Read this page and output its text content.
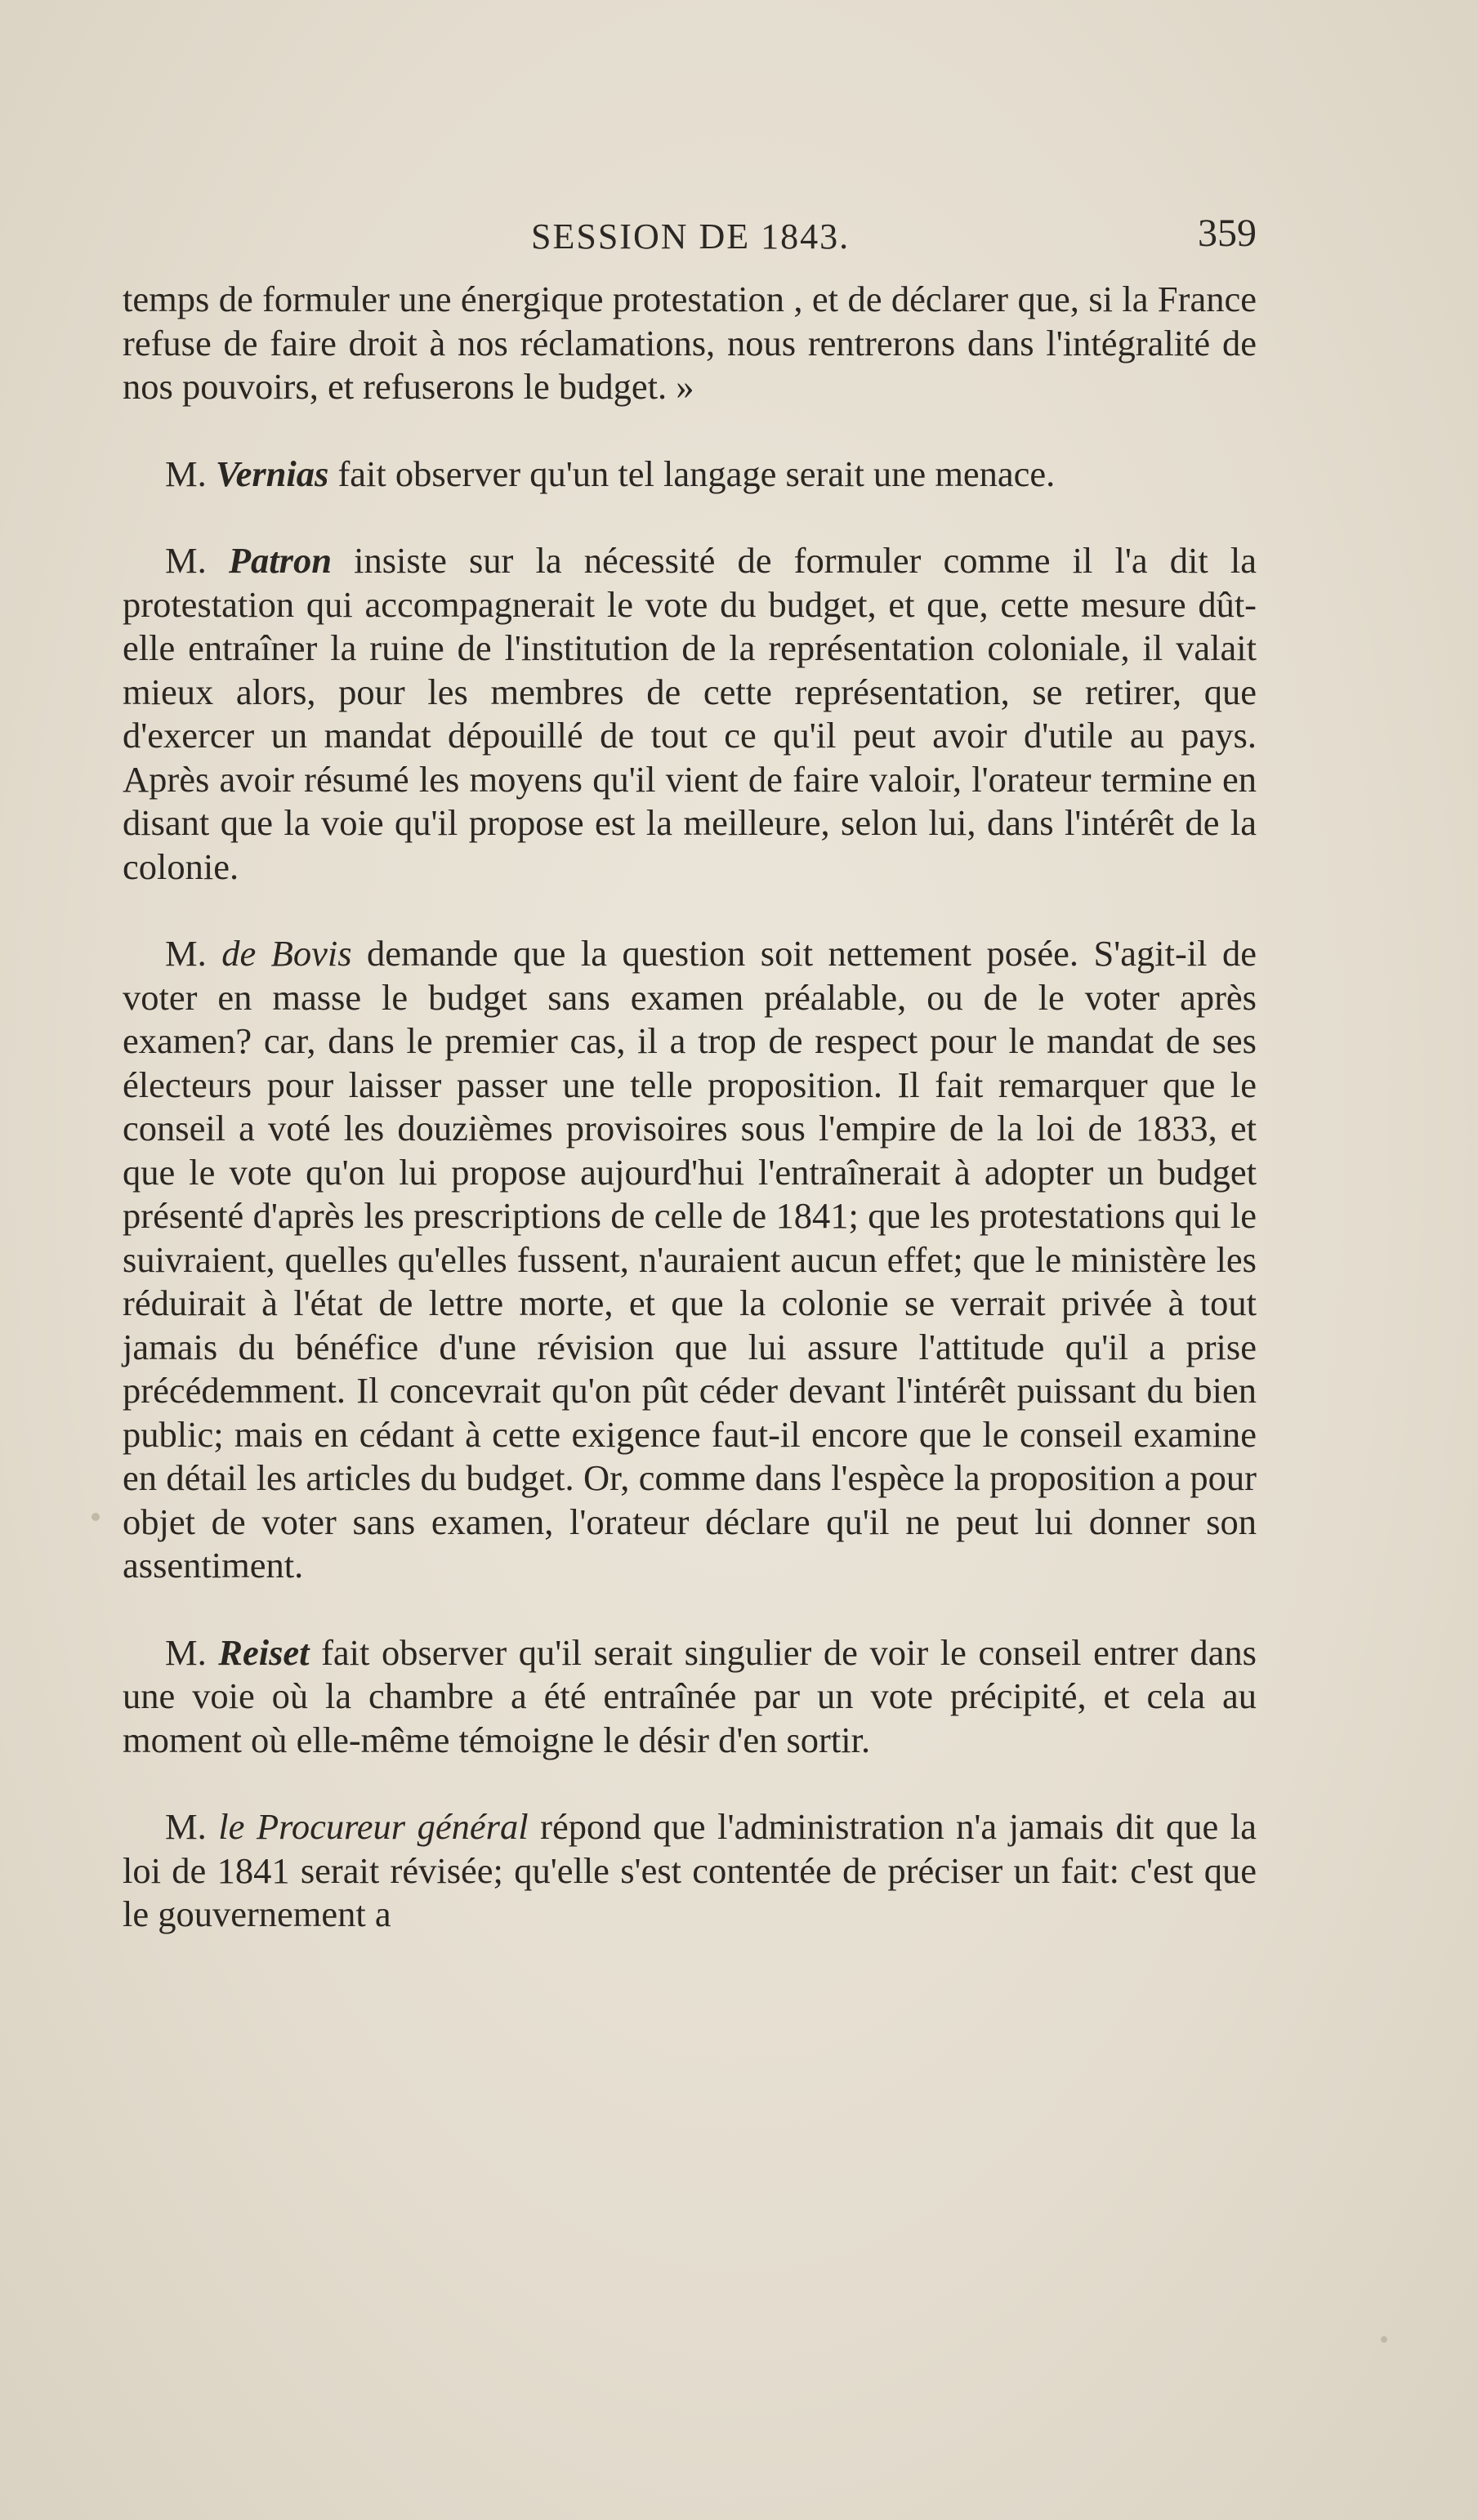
SESSION DE 1843.	359

temps de formuler une énergique protestation , et de déclarer que, si la France refuse de faire droit à nos réclamations, nous rentrerons dans l'intégralité de nos pouvoirs, et refuserons le budget. »

M. Vernias fait observer qu'un tel langage serait une menace.

M. Patron insiste sur la nécessité de formuler comme il l'a dit la protestation qui accompagnerait le vote du budget, et que, cette mesure dût-elle entraîner la ruine de l'institution de la représentation coloniale, il valait mieux alors, pour les membres de cette représentation, se retirer, que d'exercer un mandat dépouillé de tout ce qu'il peut avoir d'utile au pays. Après avoir résumé les moyens qu'il vient de faire valoir, l'orateur termine en disant que la voie qu'il propose est la meilleure, selon lui, dans l'intérêt de la colonie.

M. de Bovis demande que la question soit nettement posée. S'agit-il de voter en masse le budget sans examen préalable, ou de le voter après examen? car, dans le premier cas, il a trop de respect pour le mandat de ses électeurs pour laisser passer une telle proposition. Il fait remarquer que le conseil a voté les douzièmes provisoires sous l'empire de la loi de 1833, et que le vote qu'on lui propose aujourd'hui l'entraînerait à adopter un budget présenté d'après les prescriptions de celle de 1841; que les protestations qui le suivraient, quelles qu'elles fussent, n'auraient aucun effet; que le ministère les réduirait à l'état de lettre morte, et que la colonie se verrait privée à tout jamais du bénéfice d'une révision que lui assure l'attitude qu'il a prise précédemment. Il concevrait qu'on pût céder devant l'intérêt puissant du bien public; mais en cédant à cette exigence faut-il encore que le conseil examine en détail les articles du budget. Or, comme dans l'espèce la proposition a pour objet de voter sans examen, l'orateur déclare qu'il ne peut lui donner son assentiment.

M. Reiset fait observer qu'il serait singulier de voir le conseil entrer dans une voie où la chambre a été entraînée par un vote précipité, et cela au moment où elle-même témoigne le désir d'en sortir.

M. le Procureur général répond que l'administration n'a jamais dit que la loi de 1841 serait révisée; qu'elle s'est contentée de préciser un fait: c'est que le gouvernement a
